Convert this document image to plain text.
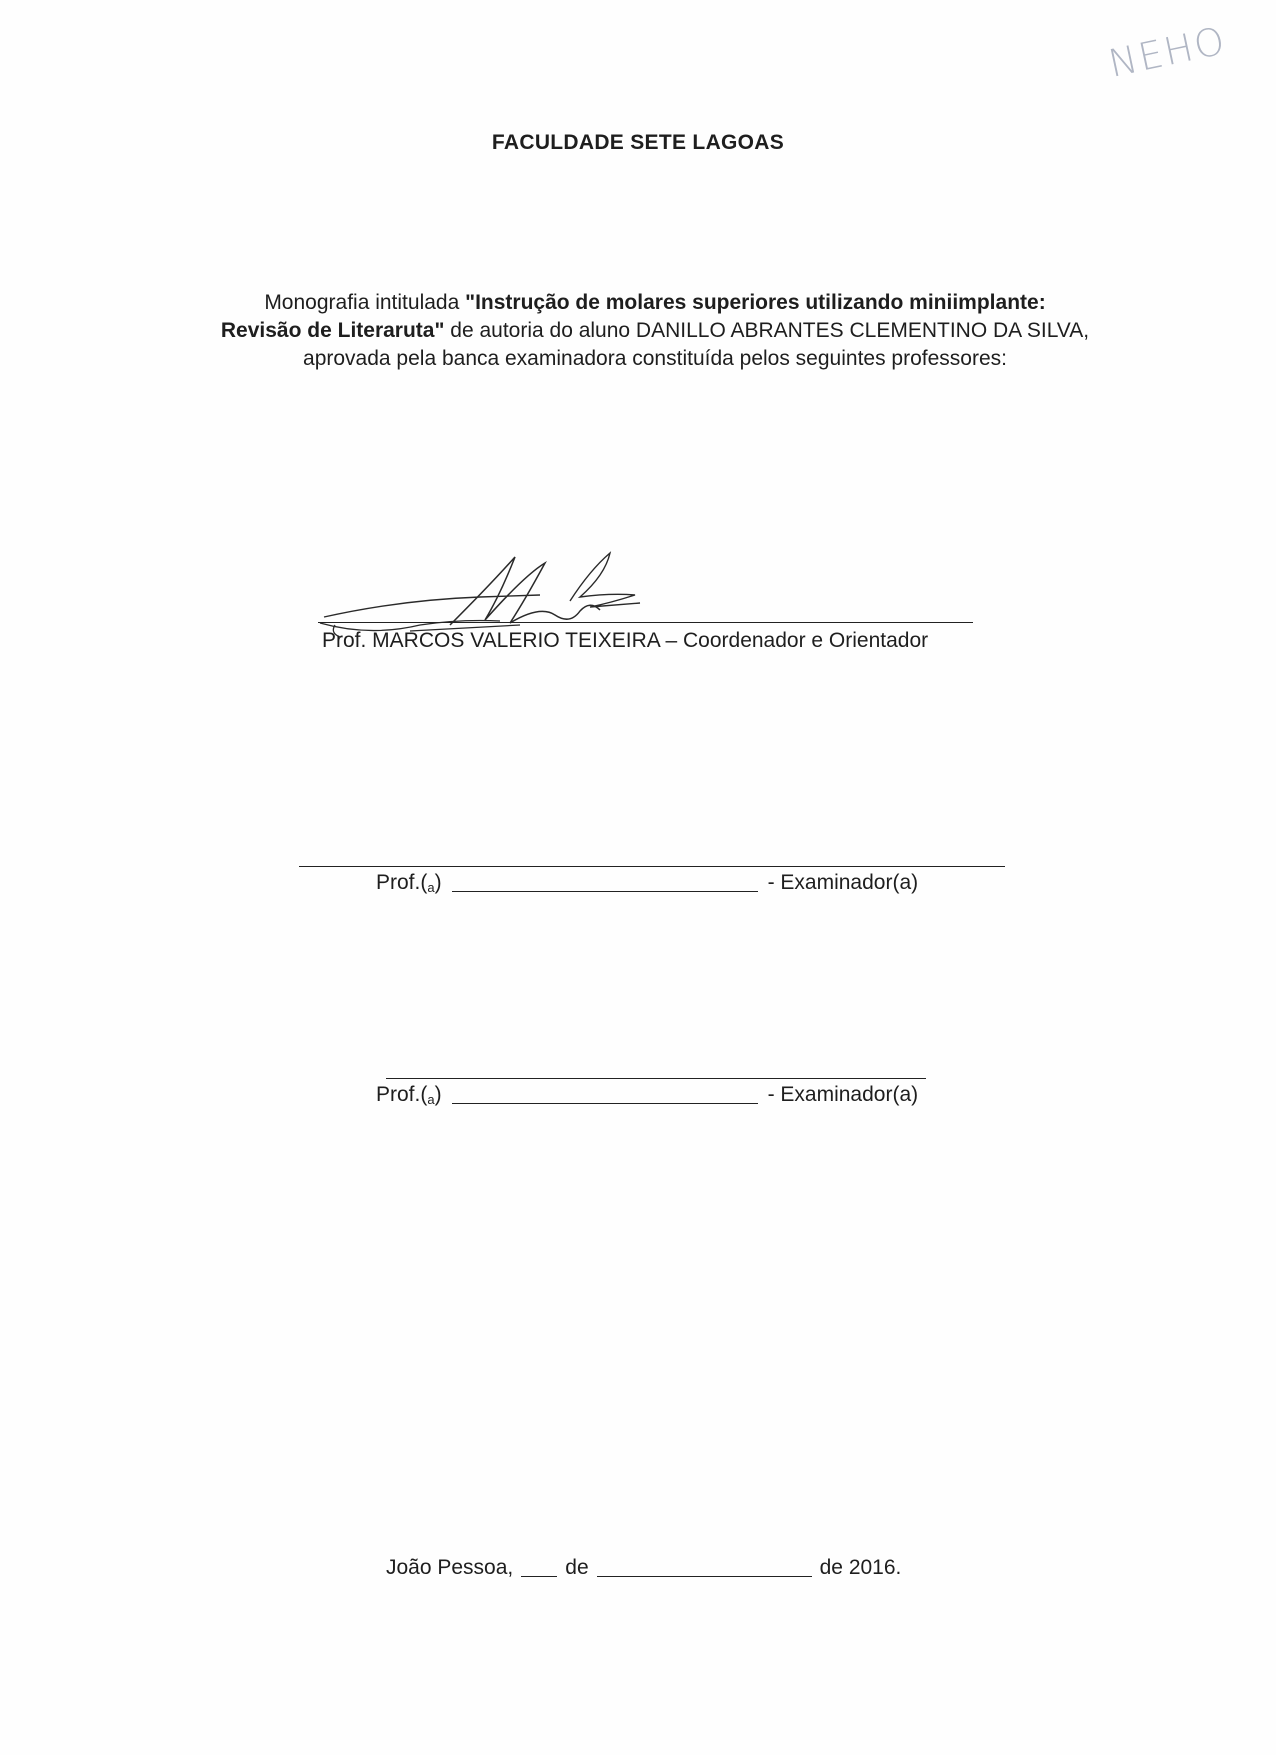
NEHO
FACULDADE SETE LAGOAS
Monografia intitulada "Instrução de molares superiores utilizando miniimplante:
Revisão de Literaruta" de autoria do aluno DANILLO ABRANTES CLEMENTINO DA SILVA, aprovada pela banca examinadora constituída pelos seguintes professores:
Prof. MARCOS VALERIO TEIXEIRA – Coordenador e Orientador
$Prof.(_a$ )	- Examinador(a)
$Prof.(_a$ )	- Examinador(a)
João Pessoa, de	de 2016.
